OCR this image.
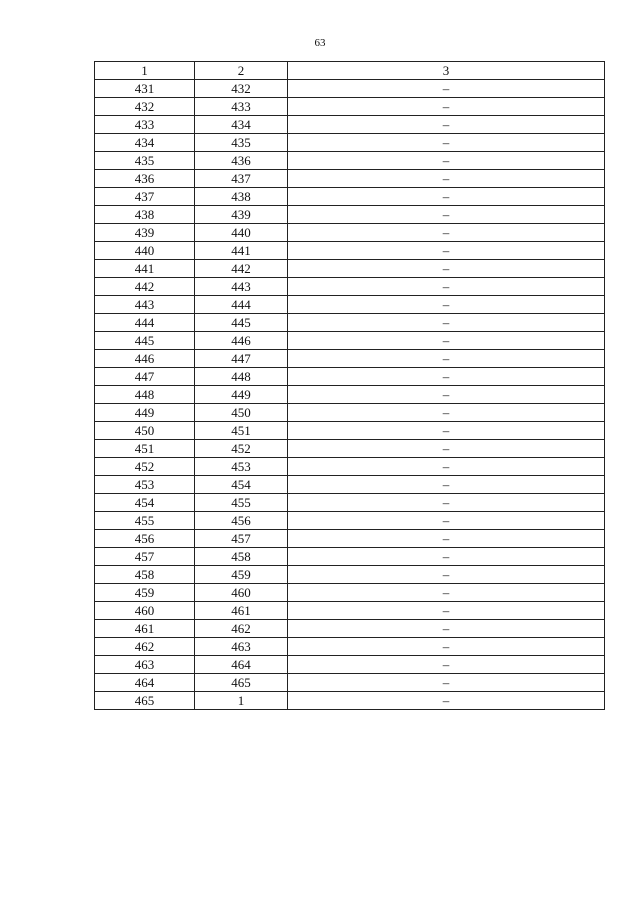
63
1	2	3
431	432	–
432	433	–
433	434	–
434	435	–
435	436	–
436	437	–
437	438	–
438	439	–
439	440	–
440	441	–
441	442	–
442	443	–
443	444	–
444	445	–
445	446	–
446	447	–
447	448	–
448	449	–
449	450	–
450	451	–
451	452	–
452	453	–
453	454	–
454	455	–
455	456	–
456	457	–
457	458	–
458	459	–
459	460	–
460	461	–
461	462	–
462	463	–
463	464	–
464	465	–
465	1	–
